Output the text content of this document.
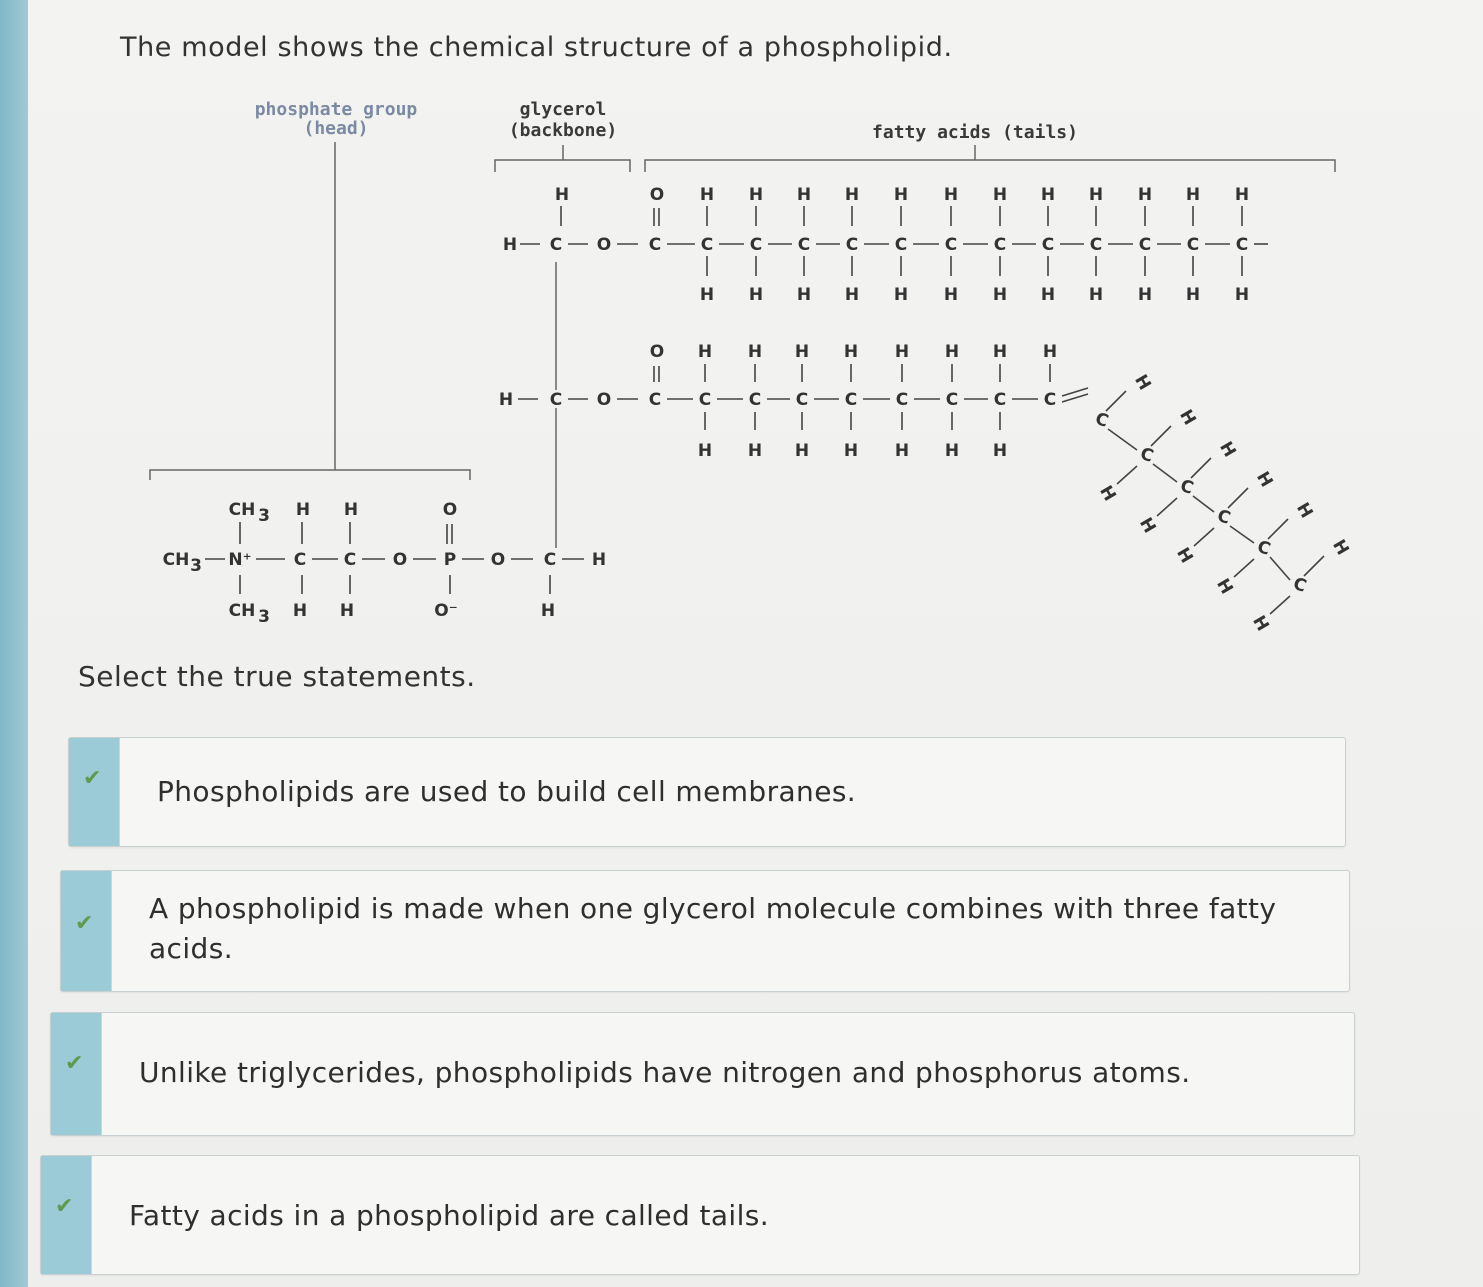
The model shows the chemical structure of a phospholipid.
phosphate group
(head)
glycerol
(backbone)	fatty acids (tails)
H C
H
O C
O
C
H
H
C
H
H
C
H
H
C
H
H
C
H
H
C
H
H
C
H
H
C
H
H
C
H
H
C
H
H
C
H
H
C
H
H
H C O C
O
C
H
H
C
H
H
C
H
H
C
H
H
C
H
H
C
H
H
C
H
H
C
H
C
H
C
H
H	C
H
H	C
H
H	C
H
H	C
H
H
CH 3 N⁺
CH 3
CH 3
C
H
H
C
H
H
O P
O
O⁻
O C H
H
Select the true statements.
✔ Phospholipids are used to build cell membranes.
✔ A phospholipid is made when one glycerol molecule combines with three fatty acids.
✔ Unlike triglycerides, phospholipids have nitrogen and phosphorus atoms.
✔ Fatty acids in a phospholipid are called tails.
